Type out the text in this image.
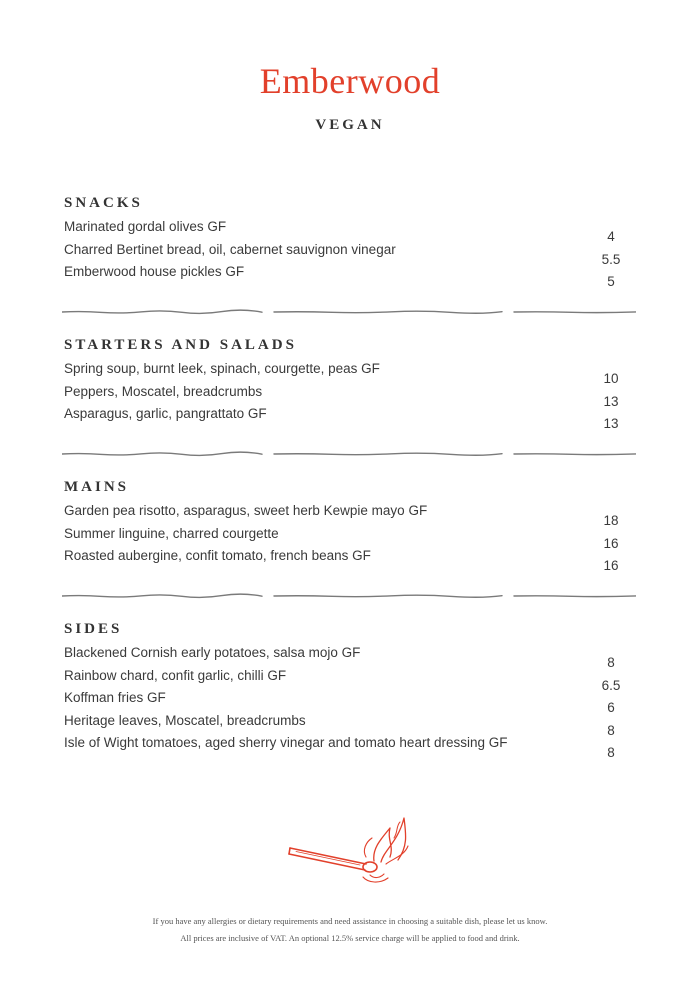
Emberwood
VEGAN
SNACKS
Marinated gordal olives GF
4
Charred Bertinet bread, oil, cabernet sauvignon vinegar
5.5
Emberwood house pickles GF
5
STARTERS AND SALADS
Spring soup, burnt leek, spinach, courgette, peas GF
10
Peppers, Moscatel, breadcrumbs
13
Asparagus, garlic, pangrattato GF
13
MAINS
Garden pea risotto, asparagus, sweet herb Kewpie mayo GF
18
Summer linguine, charred courgette
16
Roasted aubergine, confit tomato, french beans GF
16
SIDES
Blackened Cornish early potatoes, salsa mojo GF
8
Rainbow chard, confit garlic, chilli GF
6.5
Koffman fries GF
6
Heritage leaves, Moscatel, breadcrumbs
8
Isle of Wight tomatoes, aged sherry vinegar and tomato heart dressing GF
8
If you have any allergies or dietary requirements and need assistance in choosing a suitable dish, please let us know.
All prices are inclusive of VAT. An optional 12.5% service charge will be applied to food and drink.
